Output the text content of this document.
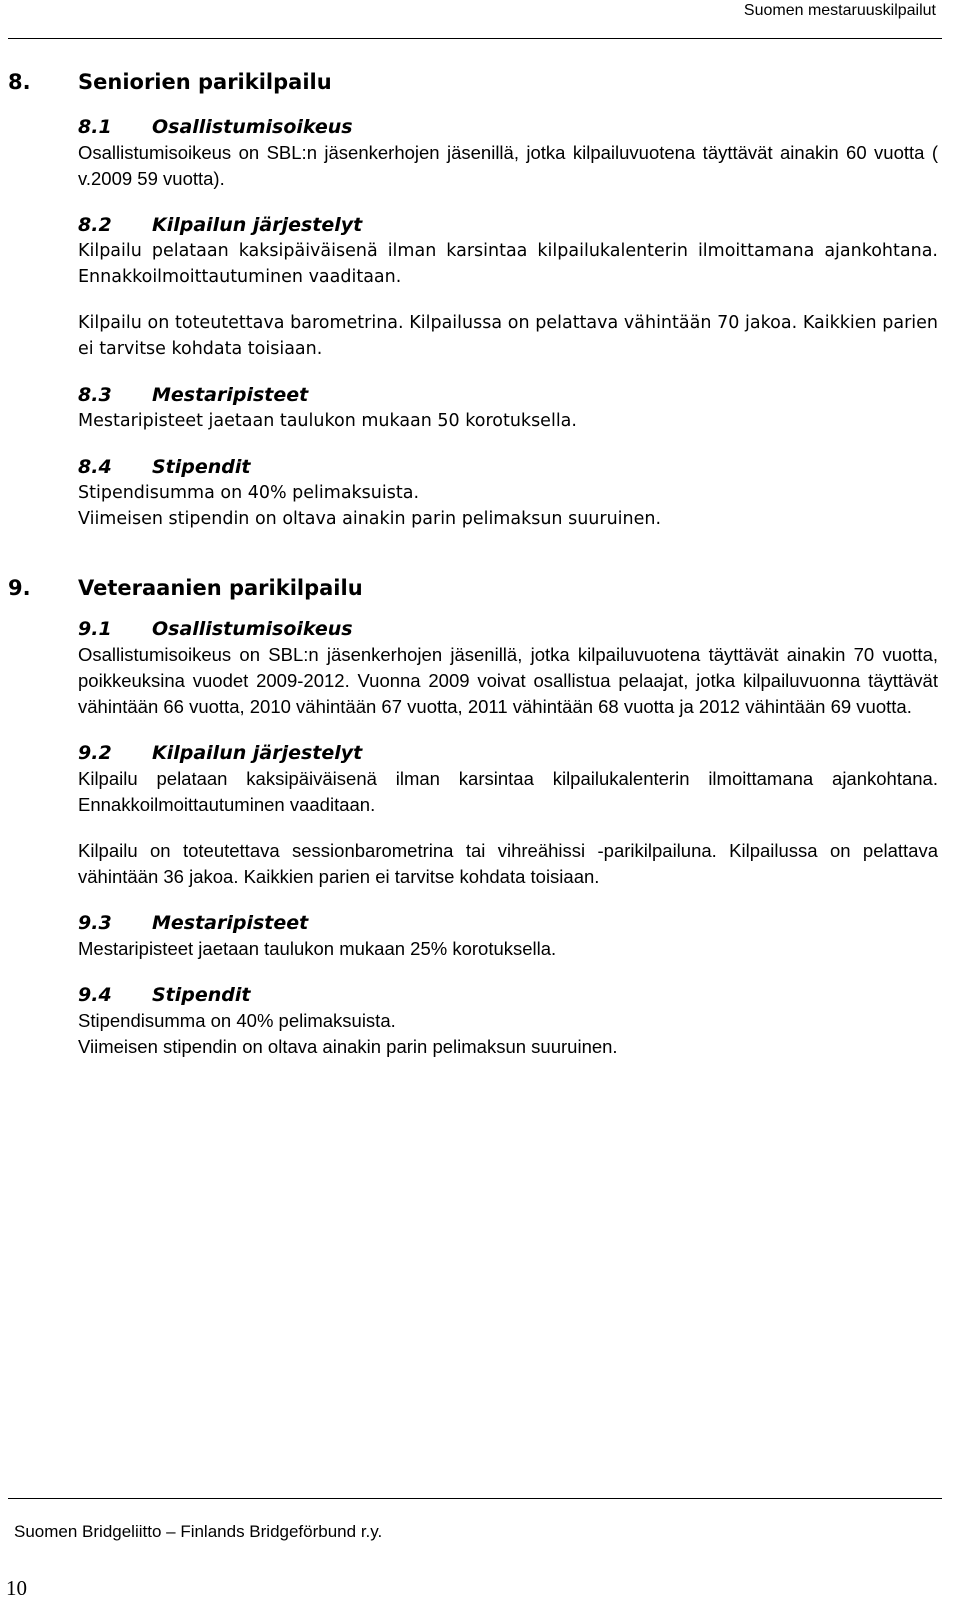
Suomen mestaruuskilpailut
8.	Seniorien parikilpailu
8.1	Osallistumisoikeus

Osallistumisoikeus on SBL:n jäsenkerhojen jäsenillä, jotka kilpailuvuotena täyttävät ainakin 60 vuotta ( v.2009 59 vuotta).

8.2	Kilpailun järjestelyt

Kilpailu pelataan kaksipäiväisenä ilman karsintaa kilpailukalenterin ilmoittamana ajankohtana. Ennakkoilmoittautuminen vaaditaan.

Kilpailu on toteutettava barometrina. Kilpailussa on pelattava vähintään 70 jakoa. Kaikkien parien ei tarvitse kohdata toisiaan.

8.3	Mestaripisteet

Mestaripisteet jaetaan taulukon mukaan 50 korotuksella.

8.4	Stipendit

Stipendisumma on 40% pelimaksuista.

Viimeisen stipendin on oltava ainakin parin pelimaksun suuruinen.

9.	Veteraanien parikilpailu
9.1	Osallistumisoikeus

Osallistumisoikeus on SBL:n jäsenkerhojen jäsenillä, jotka kilpailuvuotena täyttävät ainakin 70 vuotta, poikkeuksina vuodet 2009-2012. Vuonna 2009 voivat osallistua pelaajat, jotka kilpailuvuonna täyttävät vähintään 66 vuotta, 2010 vähintään 67 vuotta, 2011 vähintään 68 vuotta ja 2012 vähintään 69 vuotta.

9.2	Kilpailun järjestelyt

Kilpailu pelataan kaksipäiväisenä ilman karsintaa kilpailukalenterin ilmoittamana ajankohtana. Ennakkoilmoittautuminen vaaditaan.

Kilpailu on toteutettava sessionbarometrina tai vihreähissi -parikilpailuna. Kilpailussa on pelattava vähintään 36 jakoa. Kaikkien parien ei tarvitse kohdata toisiaan.

9.3	Mestaripisteet

Mestaripisteet jaetaan taulukon mukaan 25% korotuksella.

9.4	Stipendit

Stipendisumma on 40% pelimaksuista.

Viimeisen stipendin on oltava ainakin parin pelimaksun suuruinen.

Suomen Bridgeliitto – Finlands Bridgeförbund r.y.
10
